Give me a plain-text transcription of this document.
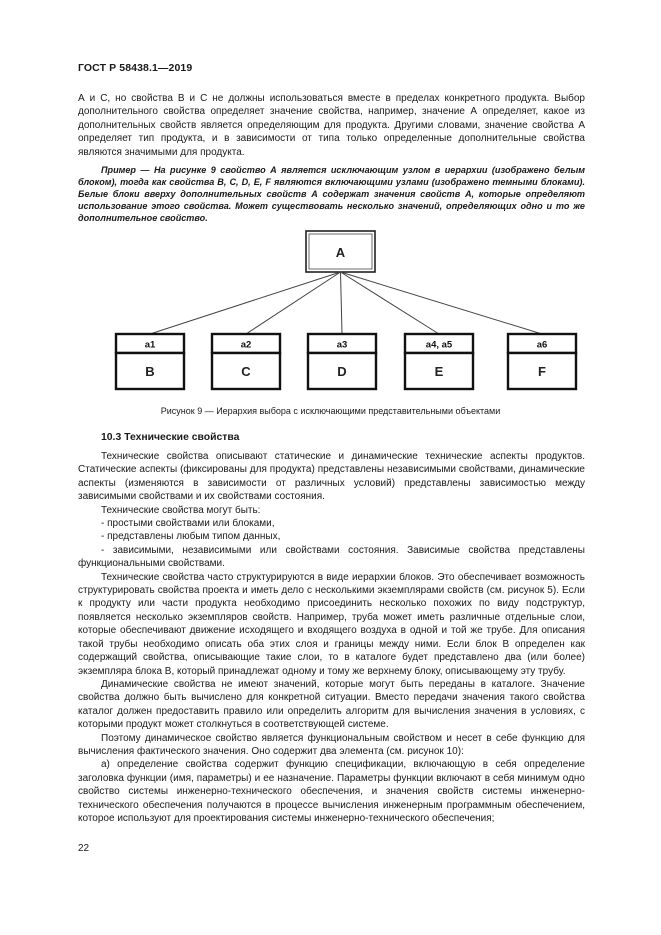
ГОСТ Р 58438.1—2019

А и С, но свойства В и С не должны использоваться вместе в пределах конкретного продукта. Выбор дополнительного свойства определяет значение свойства, например, значение А определяет, какое из дополнительных свойств является определяющим для продукта. Другими словами, значение свойства А определяет тип продукта, и в зависимости от типа только определенные дополнительные свойства являются значимыми для продукта.

Пример — На рисунке 9 свойство А является исключающим узлом в иерархии (изображено белым блоком), тогда как свойства В, С, D, Е, F являются включающими узлами (изображено темными блоками). Белые блоки вверху дополнительных свойств А содержат значения свойств А, которые определяют использование этого свойства. Может существовать несколько значений, определяющих одно и то же дополнительное свойство.

A
a1
B
a2
C
a3
D
a4, a5
E
a6
F
Рисунок 9 — Иерархия выбора с исключающими представительными объектами
10.3 Технические свойства

Технические свойства описывают статические и динамические технические аспекты продуктов. Статические аспекты (фиксированы для продукта) представлены независимыми свойствами, динамические аспекты (изменяются в зависимости от различных условий) представлены зависимостью между зависимыми свойствами и их свойствами состояния.

Технические свойства могут быть:

- простыми свойствами или блоками,

- представлены любым типом данных,

- зависимыми, независимыми или свойствами состояния. Зависимые свойства представлены функциональными свойствами.

Технические свойства часто структурируются в виде иерархии блоков. Это обеспечивает возможность структурировать свойства проекта и иметь дело с несколькими экземплярами свойств (см. рисунок 5). Если к продукту или части продукта необходимо присоединить несколько похожих по виду подструктур, появляется несколько экземпляров свойств. Например, труба может иметь различные отдельные слои, которые обеспечивают движение исходящего и входящего воздуха в одной и той же трубе. Для описания такой трубы необходимо описать оба этих слоя и границы между ними. Если блок В определен как содержащий свойства, описывающие такие слои, то в каталоге будет представлено два (или более) экземпляра блока В, который принадлежат одному и тому же верхнему блоку, описывающему эту трубу.

Динамические свойства не имеют значений, которые могут быть переданы в каталоге. Значение свойства должно быть вычислено для конкретной ситуации. Вместо передачи значения такого свойства каталог должен предоставить правило или определить алгоритм для вычисления значения в условиях, с которыми продукт может столкнуться в соответствующей системе.

Поэтому динамическое свойство является функциональным свойством и несет в себе функцию для вычисления фактического значения. Оно содержит два элемента (см. рисунок 10):

а) определение свойства содержит функцию спецификации, включающую в себя определение заголовка функции (имя, параметры) и ее назначение. Параметры функции включают в себя минимум одно свойство системы инженерно-технического обеспечения, и значения свойств системы инженерно-технического обеспечения получаются в процессе вычисления инженерным программным обеспечением, которое используют для проектирования системы инженерно-технического обеспечения;

22
